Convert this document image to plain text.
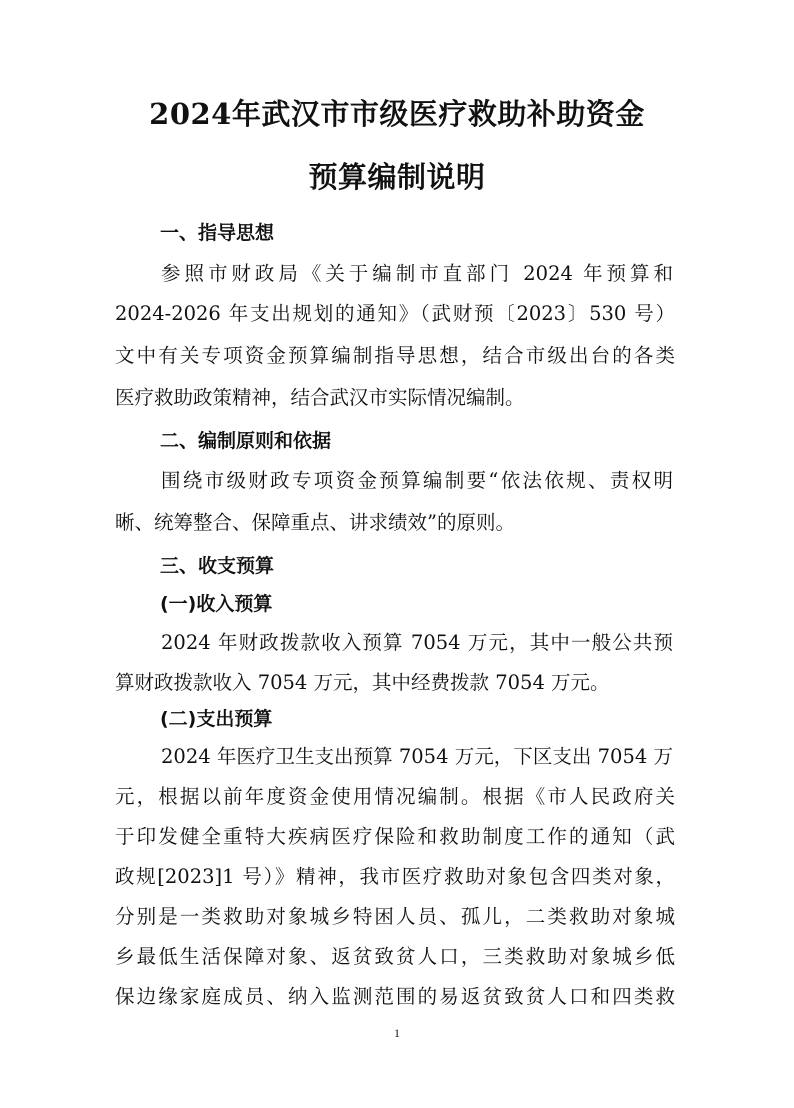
2024年武汉市市级医疗救助补助资金
预算编制说明
一、指导思想
参照市财政局《关于编制市直部门 2024 年预算和
2024-2026 年支出规划的通知》（武财预〔2023〕530 号）
文中有关专项资金预算编制指导思想，结合市级出台的各类
医疗救助政策精神，结合武汉市实际情况编制。
二、编制原则和依据
围绕市级财政专项资金预算编制要“依法依规、责权明
晰、统筹整合、保障重点、讲求绩效”的原则。
三、收支预算
(一)收入预算
2024 年财政拨款收入预算 7054 万元，其中一般公共预
算财政拨款收入 7054 万元，其中经费拨款 7054 万元。
(二)支出预算
2024 年医疗卫生支出预算 7054 万元，下区支出 7054 万
元，根据以前年度资金使用情况编制。根据《市人民政府关
于印发健全重特大疾病医疗保险和救助制度工作的通知（武
政规[2023]1 号）》精神，我市医疗救助对象包含四类对象，
分别是一类救助对象城乡特困人员、孤儿，二类救助对象城
乡最低生活保障对象、返贫致贫人口，三类救助对象城乡低
保边缘家庭成员、纳入监测范围的易返贫致贫人口和四类救
1
